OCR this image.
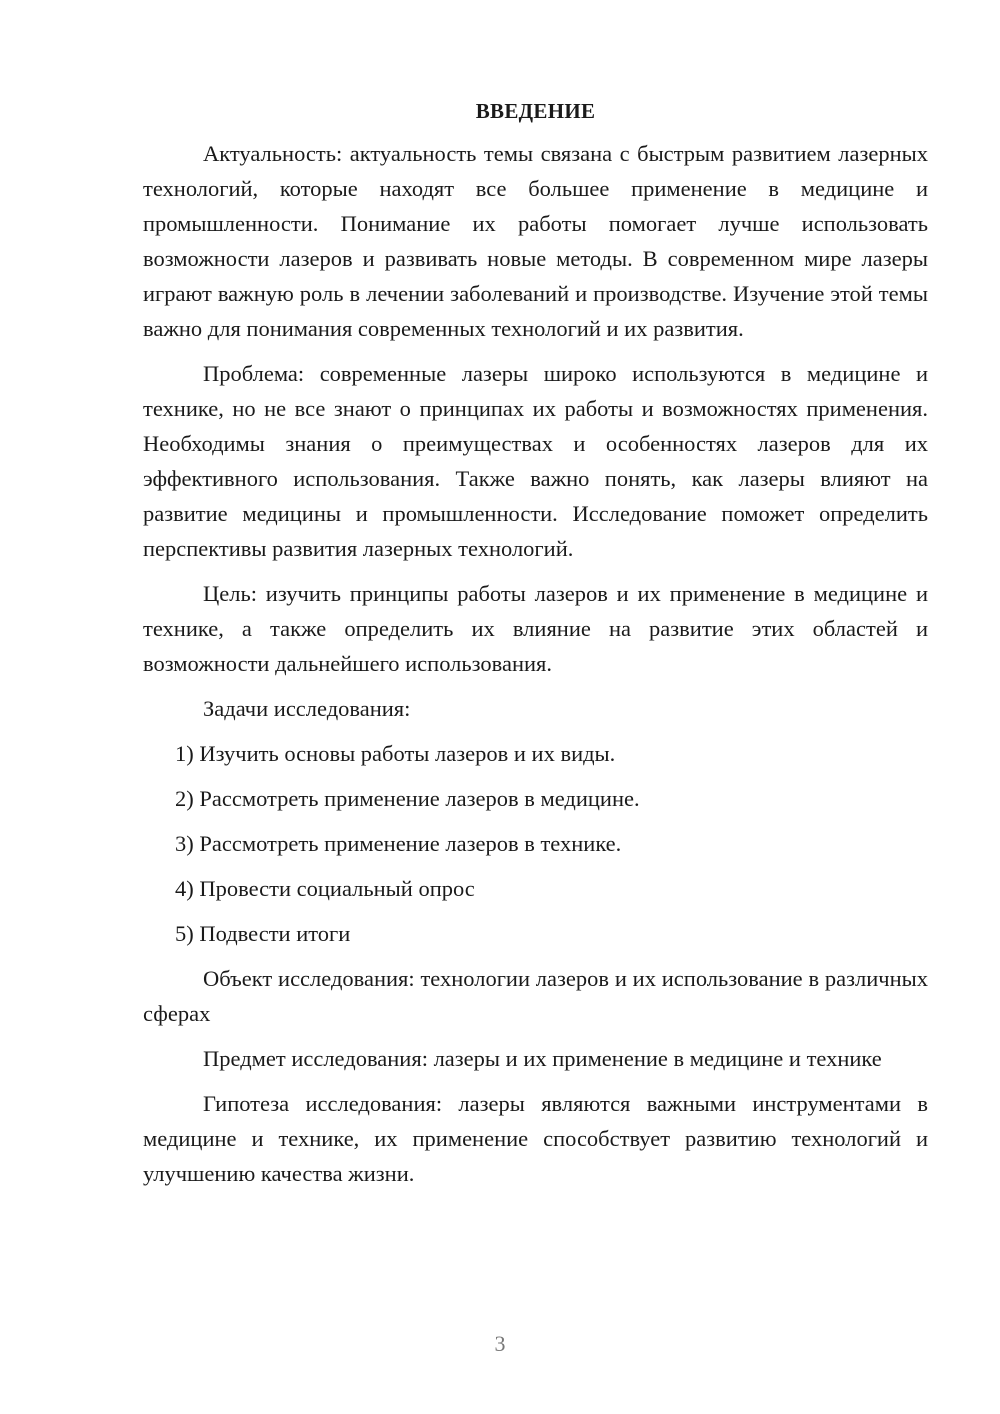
ВВЕДЕНИЕ

Актуальность: актуальность темы связана с быстрым развитием лазерных технологий, которые находят все большее применение в медицине и промышленности. Понимание их работы помогает лучше использовать возможности лазеров и развивать новые методы. В современном мире лазеры играют важную роль в лечении заболеваний и производстве. Изучение этой темы важно для понимания современных технологий и их развития.

Проблема: современные лазеры широко используются в медицине и технике, но не все знают о принципах их работы и возможностях применения. Необходимы знания о преимуществах и особенностях лазеров для их эффективного использования. Также важно понять, как лазеры влияют на развитие медицины и промышленности. Исследование поможет определить перспективы развития лазерных технологий.

Цель: изучить принципы работы лазеров и их применение в медицине и технике, а также определить их влияние на развитие этих областей и возможности дальнейшего использования.

Задачи исследования:

1) Изучить основы работы лазеров и их виды.

2) Рассмотреть применение лазеров в медицине.

3) Рассмотреть применение лазеров в технике.

4) Провести социальный опрос

5) Подвести итоги

Объект исследования: технологии лазеров и их использование в различных сферах

Предмет исследования: лазеры и их применение в медицине и технике

Гипотеза исследования: лазеры являются важными инструментами в медицине и технике, их применение способствует развитию технологий и улучшению качества жизни.

3
